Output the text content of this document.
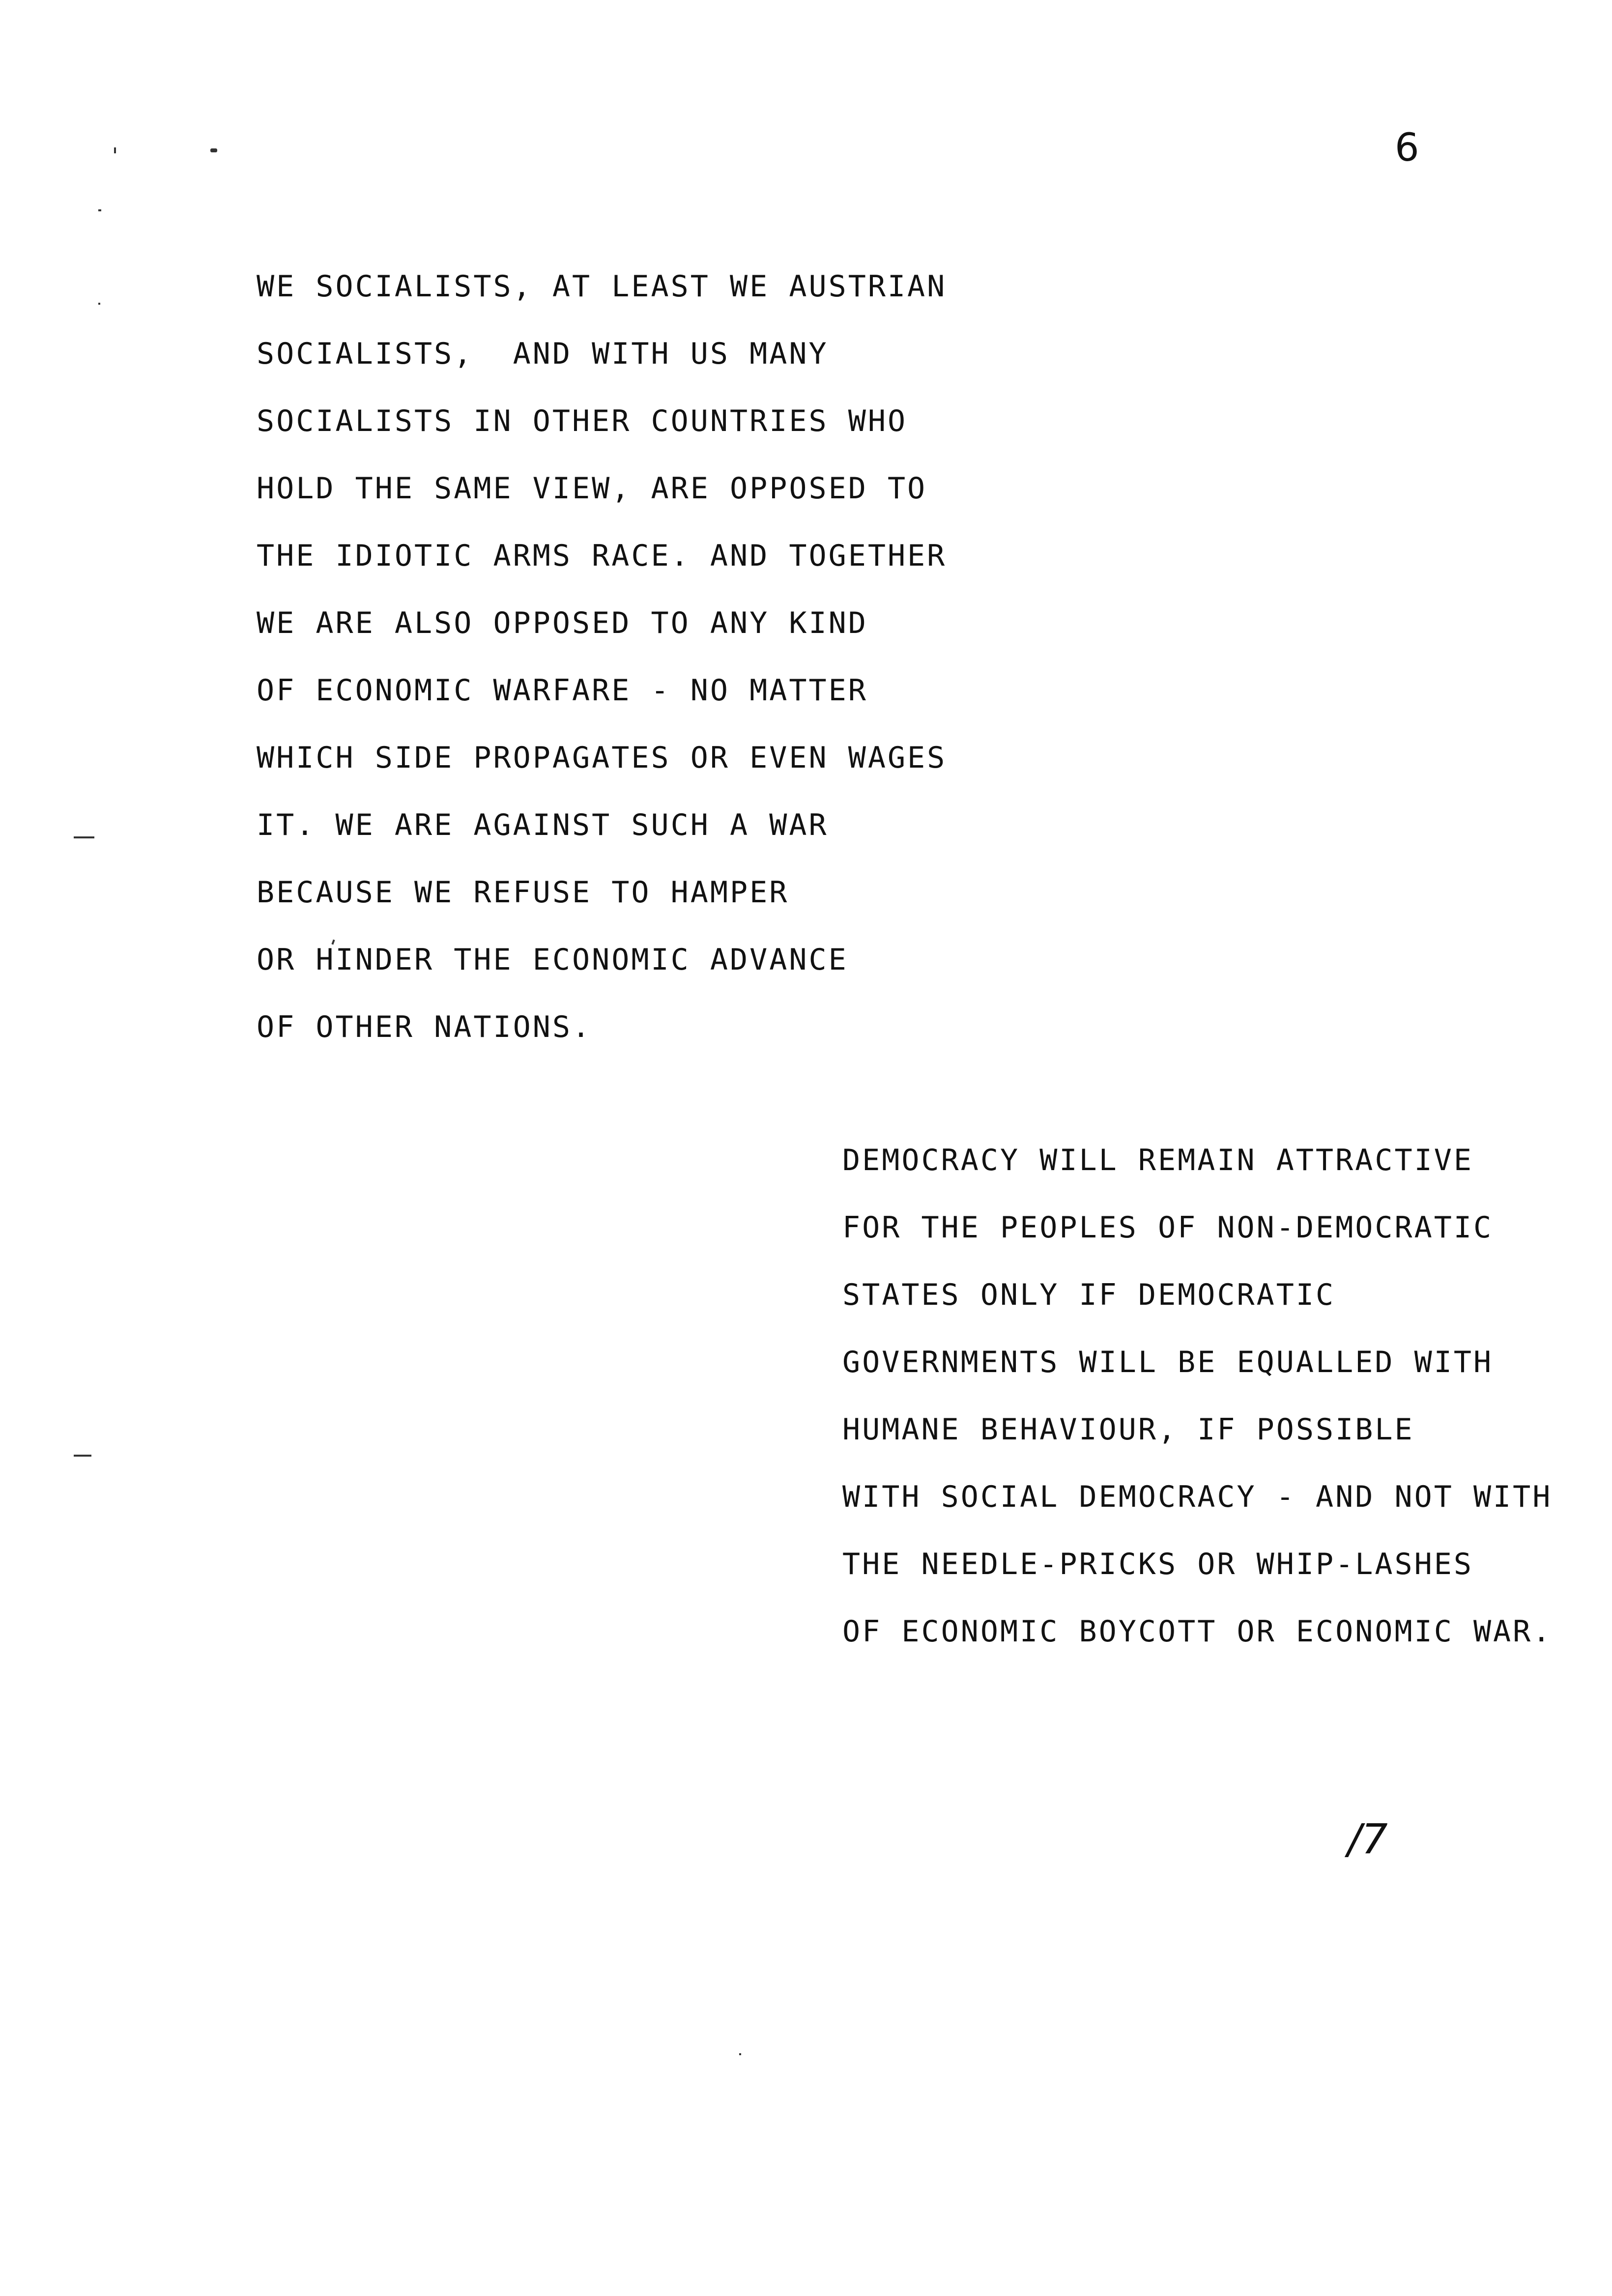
6
WE SOCIALISTS, AT LEAST WE AUSTRIAN
SOCIALISTS,  AND WITH US MANY
SOCIALISTS IN OTHER COUNTRIES WHO
HOLD THE SAME VIEW, ARE OPPOSED TO
THE IDIOTIC ARMS RACE. AND TOGETHER
WE ARE ALSO OPPOSED TO ANY KIND
OF ECONOMIC WARFARE - NO MATTER
WHICH SIDE PROPAGATES OR EVEN WAGES
IT. WE ARE AGAINST SUCH A WAR
BECAUSE WE REFUSE TO HAMPER
OR HINDER THE ECONOMIC ADVANCE
OF OTHER NATIONS.
DEMOCRACY WILL REMAIN ATTRACTIVE
FOR THE PEOPLES OF NON-DEMOCRATIC
STATES ONLY IF DEMOCRATIC
GOVERNMENTS WILL BE EQUALLED WITH
HUMANE BEHAVIOUR, IF POSSIBLE
WITH SOCIAL DEMOCRACY - AND NOT WITH
THE NEEDLE-PRICKS OR WHIP-LASHES
OF ECONOMIC BOYCOTT OR ECONOMIC WAR.
/7
